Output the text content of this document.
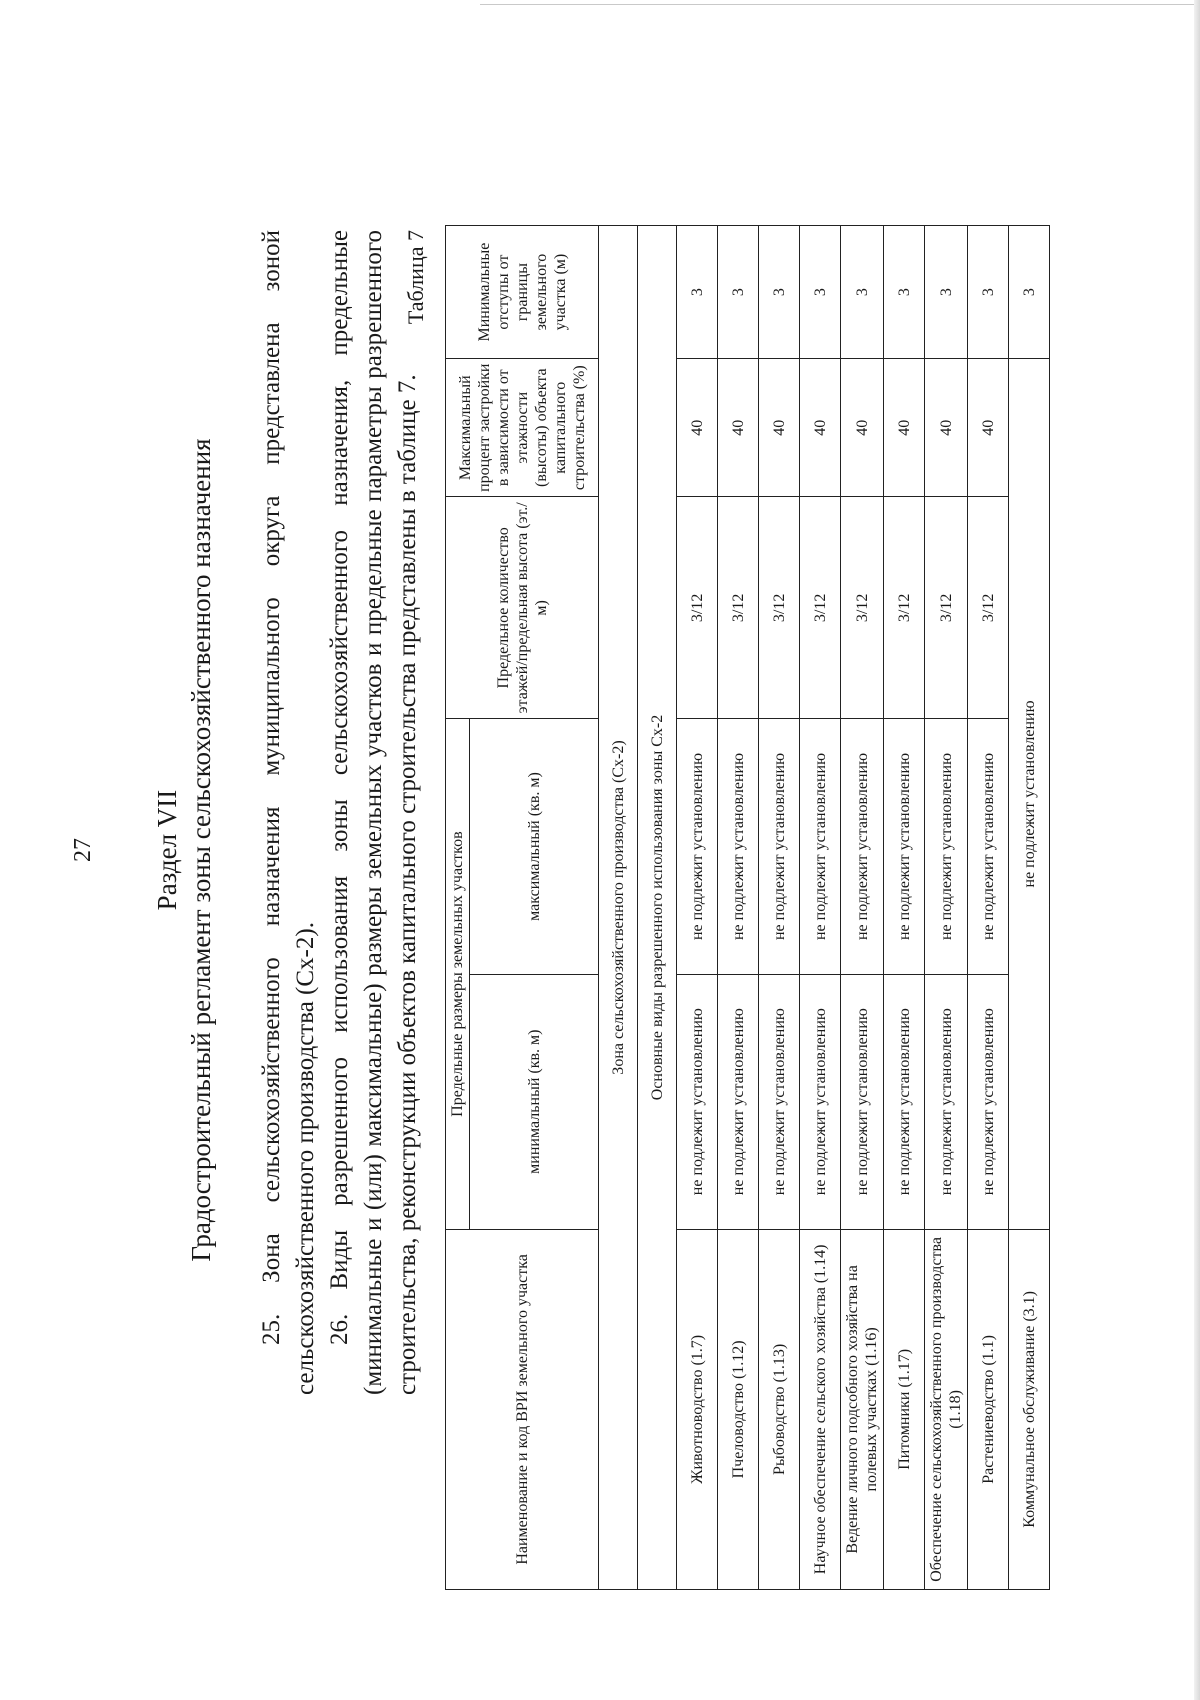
27 Раздел VII Градостроительный регламент зоны сельскохозяйственного назначения 25. Зона сельскохозяйственного назначения муниципального округа представлена зоной сельскохозяйственного производства (Сх-2). 26. Виды разрешенного использования зоны сельскохозяйственного назначения, предельные (минимальные и (или) максимальные) размеры земельных участков и предельные параметры разрешенного строительства, реконструкции объектов капитального строительства представлены в таблице 7.
Таблица 7
Наименование и код ВРИ земельного участка	Предельные размеры земельных участков		Предельное количество этажей/предельная высота (эт./м)	Максимальный процент застройки в зависимости от этажности (высоты) объекта капитального строительства (%)	Минимальные отступы от границы земельного участка (м)
	минимальный (кв. м)	максимальный (кв. м)			
Зона сельскохозяйственного производства (Сх-2)					
Основные виды разрешенного использования зоны Сх-2					
Животноводство (1.7)	не подлежит установлению	не подлежит установлению	3/12	40	3
Пчеловодство (1.12)	не подлежит установлению	не подлежит установлению	3/12	40	3
Рыбоводство (1.13)	не подлежит установлению	не подлежит установлению	3/12	40	3
Научное обеспечение сельского хозяйства (1.14)	не подлежит установлению	не подлежит установлению	3/12	40	3
Ведение личного подсобного хозяйства на полевых участках (1.16)	не подлежит установлению	не подлежит установлению	3/12	40	3
Питомники (1.17)	не подлежит установлению	не подлежит установлению	3/12	40	3
Обеспечение сельскохозяйственного производства (1.18)	не подлежит установлению	не подлежит установлению	3/12	40	3
Растениеводство (1.1)	не подлежит установлению	не подлежит установлению	3/12	40	3
Коммунальное обслуживание (3.1)	не подлежит установлению				3
